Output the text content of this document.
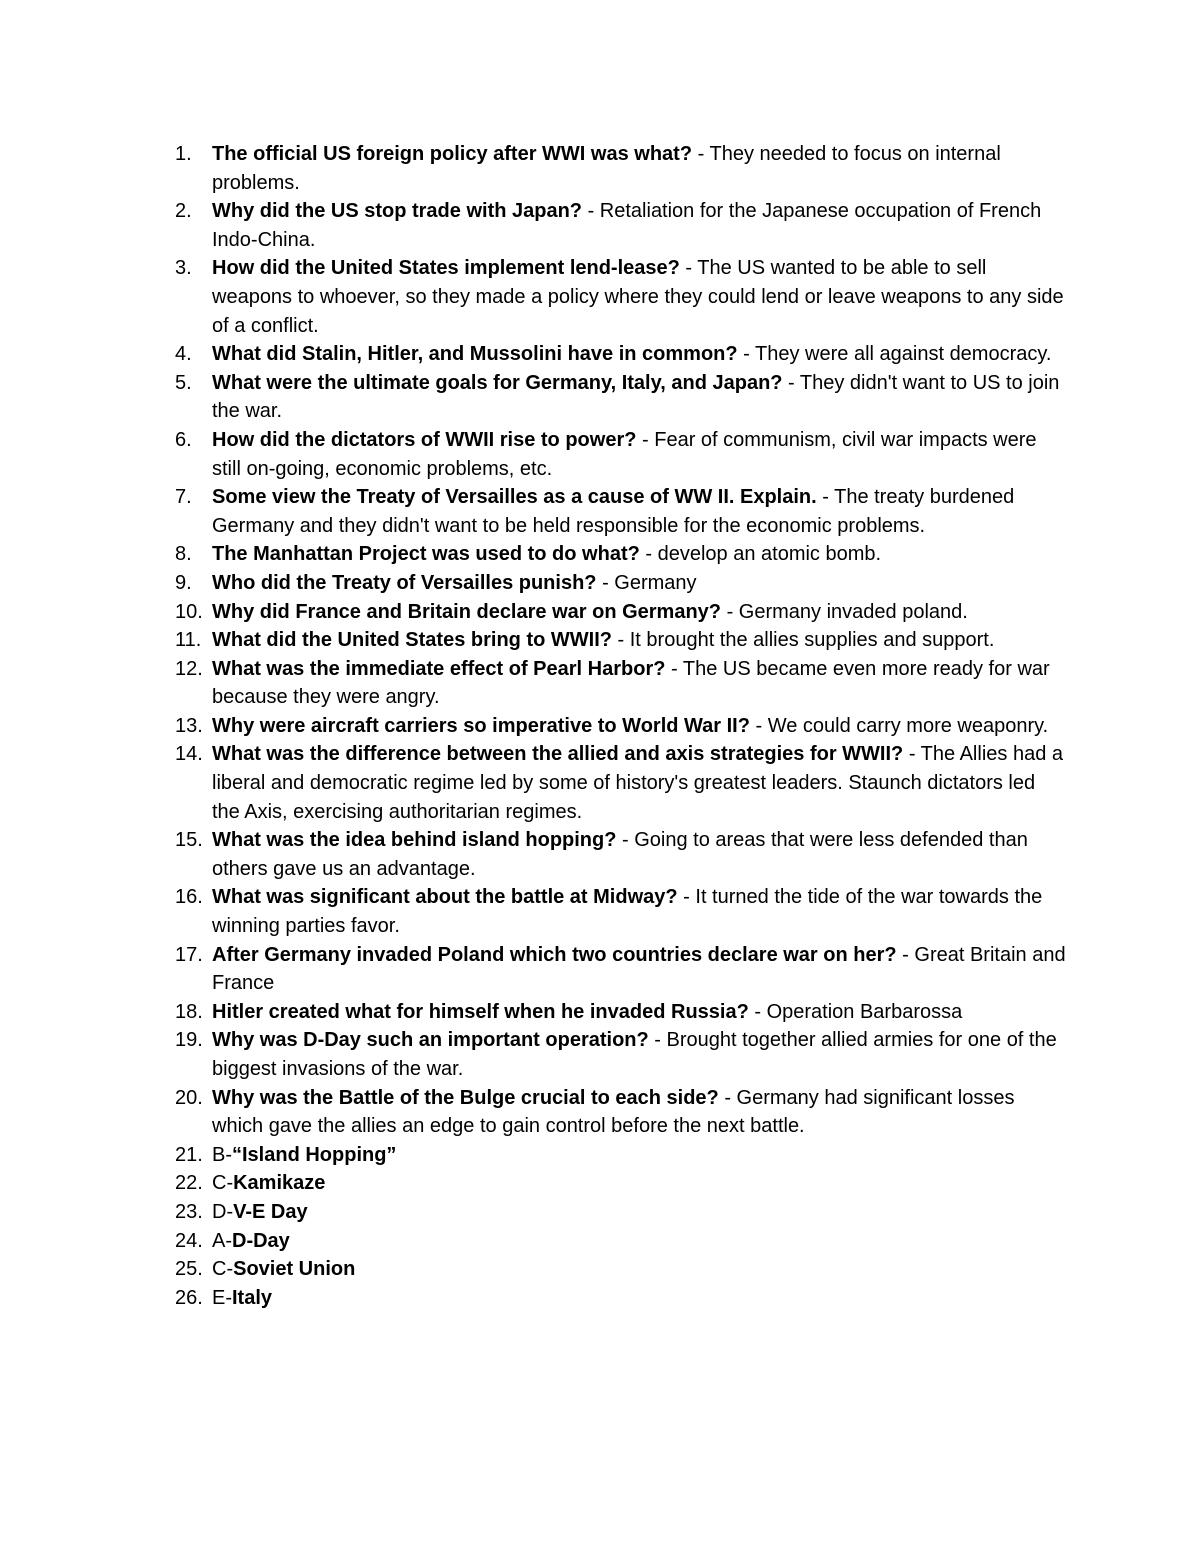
1.	The official US foreign policy after WWI was what? - They needed to focus on internal problems.
2.	Why did the US stop trade with Japan? - Retaliation for the Japanese occupation of French Indo-China.
3.	How did the United States implement lend-lease? - The US wanted to be able to sell weapons to whoever, so they made a policy where they could lend or leave weapons to any side of a conflict.
4.	What did Stalin, Hitler, and Mussolini have in common? - They were all against democracy.
5.	What were the ultimate goals for Germany, Italy, and Japan? - They didn't want to US to join the war.
6.	How did the dictators of WWII rise to power? - Fear of communism, civil war impacts were still on-going, economic problems, etc.
7.	Some view the Treaty of Versailles as a cause of WW II. Explain. - The treaty burdened Germany and they didn't want to be held responsible for the economic problems.
8.	The Manhattan Project was used to do what? - develop an atomic bomb.
9.	Who did the Treaty of Versailles punish? - Germany
10. Why did France and Britain declare war on Germany? - Germany invaded poland.
11. What did the United States bring to WWII? - It brought the allies supplies and support.
12. What was the immediate effect of Pearl Harbor? - The US became even more ready for war because they were angry.
13. Why were aircraft carriers so imperative to World War II? - We could carry more weaponry.
14. What was the difference between the allied and axis strategies for WWII? - The Allies had a liberal and democratic regime led by some of history's greatest leaders. Staunch dictators led the Axis, exercising authoritarian regimes.
15. What was the idea behind island hopping? - Going to areas that were less defended than others gave us an advantage.
16. What was significant about the battle at Midway? - It turned the tide of the war towards the winning parties favor.
17. After Germany invaded Poland which two countries declare war on her? - Great Britain and France
18. Hitler created what for himself when he invaded Russia? - Operation Barbarossa
19. Why was D-Day such an important operation? - Brought together allied armies for one of the biggest invasions of the war.
20. Why was the Battle of the Bulge crucial to each side? - Germany had significant losses which gave the allies an edge to gain control before the next battle.
21. B-“Island Hopping”
22. C-Kamikaze
23. D-V-E Day
24. A-D-Day
25. C-Soviet Union
26. E-Italy
